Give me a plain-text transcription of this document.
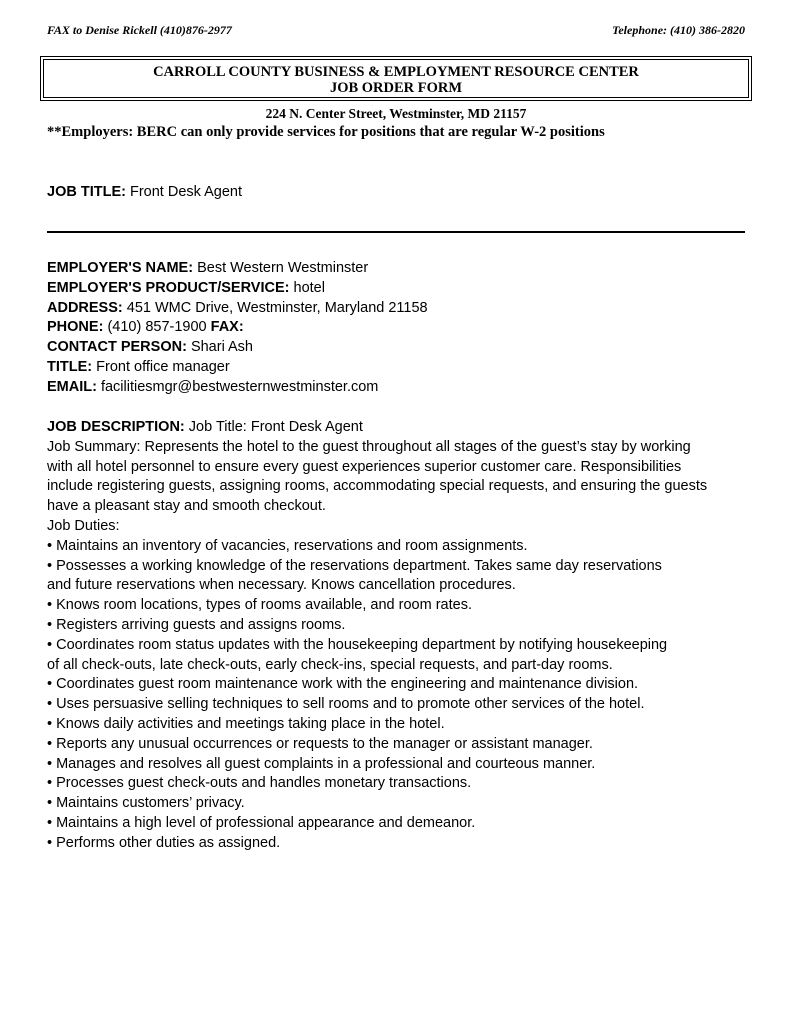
FAX to Denise Rickell (410)876-2977	Telephone: (410) 386-2820
CARROLL COUNTY BUSINESS & EMPLOYMENT RESOURCE CENTER
JOB ORDER FORM
224 N. Center Street, Westminster, MD 21157
**Employers: BERC can only provide services for positions that are regular W-2 positions
JOB TITLE: Front Desk Agent
EMPLOYER'S NAME: Best Western Westminster
EMPLOYER'S PRODUCT/SERVICE: hotel
ADDRESS: 451 WMC Drive, Westminster, Maryland 21158
PHONE: (410) 857-1900 FAX:
CONTACT PERSON: Shari Ash
TITLE: Front office manager
EMAIL: facilitiesmgr@bestwesternwestminster.com
JOB DESCRIPTION: Job Title: Front Desk Agent
Job Summary: Represents the hotel to the guest throughout all stages of the guest’s stay by working
with all hotel personnel to ensure every guest experiences superior customer care. Responsibilities
include registering guests, assigning rooms, accommodating special requests, and ensuring the guests
have a pleasant stay and smooth checkout.
Job Duties:
• Maintains an inventory of vacancies, reservations and room assignments.
• Possesses a working knowledge of the reservations department. Takes same day reservations
and future reservations when necessary. Knows cancellation procedures.
• Knows room locations, types of rooms available, and room rates.
• Registers arriving guests and assigns rooms.
• Coordinates room status updates with the housekeeping department by notifying housekeeping
of all check-outs, late check-outs, early check-ins, special requests, and part-day rooms.
• Coordinates guest room maintenance work with the engineering and maintenance division.
• Uses persuasive selling techniques to sell rooms and to promote other services of the hotel.
• Knows daily activities and meetings taking place in the hotel.
• Reports any unusual occurrences or requests to the manager or assistant manager.
• Manages and resolves all guest complaints in a professional and courteous manner.
• Processes guest check-outs and handles monetary transactions.
• Maintains customers’ privacy.
• Maintains a high level of professional appearance and demeanor.
• Performs other duties as assigned.
